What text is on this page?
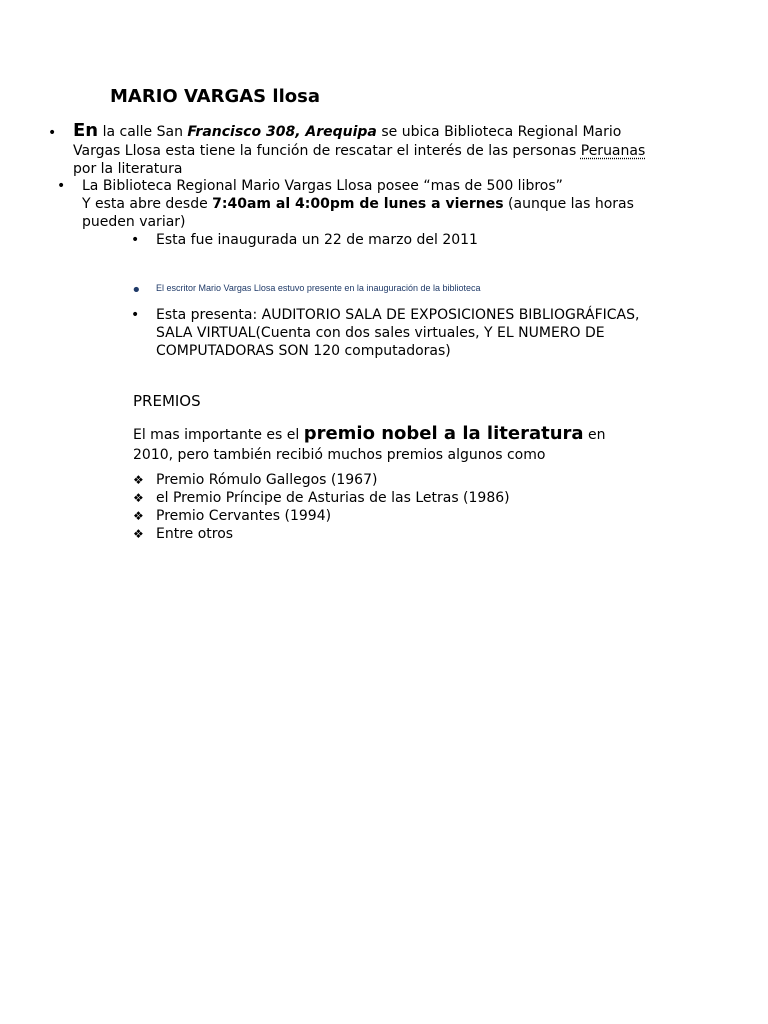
MARIO VARGAS llosa
• En la calle San Francisco 308, Arequipa se ubica Biblioteca Regional Mario
Vargas Llosa esta tiene la función de rescatar el interés de las personas Peruanas
por la literatura
• La Biblioteca Regional Mario Vargas Llosa posee “mas de 500 libros”
Y esta abre desde 7:40am al 4:00pm de lunes a viernes (aunque las horas
pueden variar)
• Esta fue inaugurada un 22 de marzo del 2011
• El escritor Mario Vargas Llosa estuvo presente en la inauguración de la biblioteca
• Esta presenta: AUDITORIO SALA DE EXPOSICIONES BIBLIOGRÁFICAS,
SALA VIRTUAL(Cuenta con dos sales virtuales, Y EL NUMERO DE
COMPUTADORAS SON 120 computadoras)
PREMIOS
El mas importante es el premio nobel a la literatura en
2010, pero también recibió muchos premios algunos como
❖ Premio Rómulo Gallegos (1967)
❖ el Premio Príncipe de Asturias de las Letras (1986)
❖ Premio Cervantes (1994)
❖ Entre otros
